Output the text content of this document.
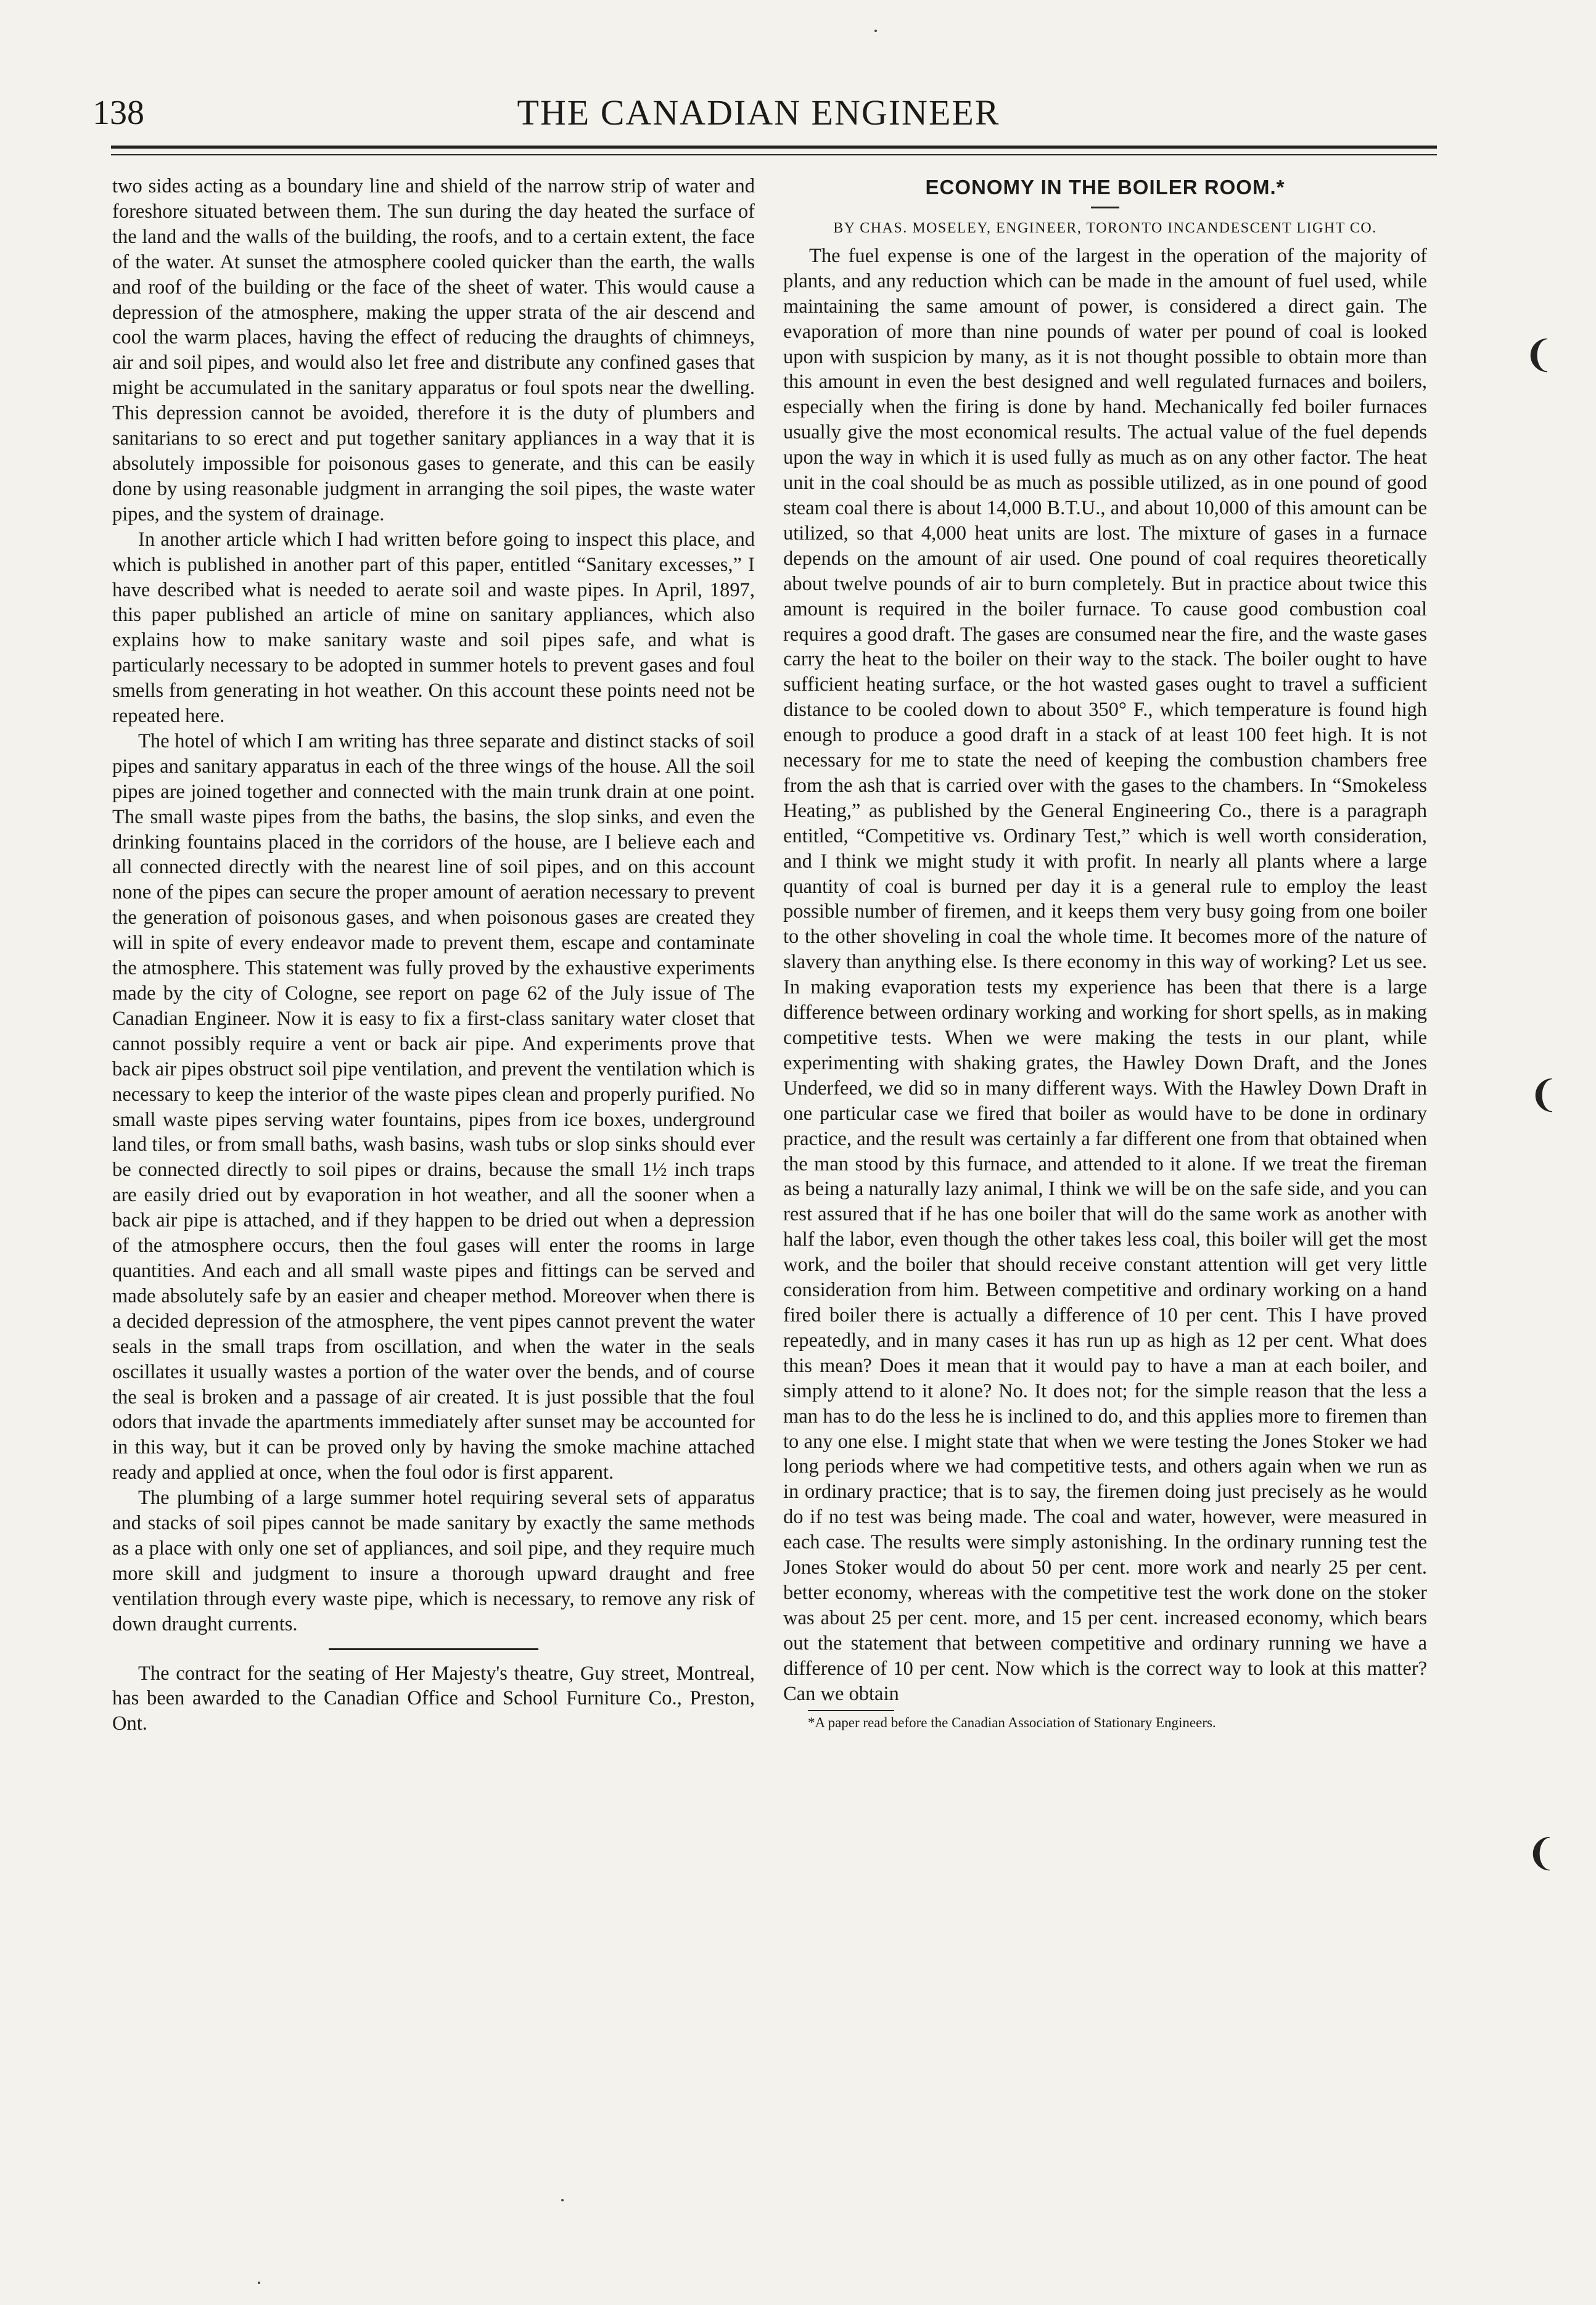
138	THE CANADIAN ENGINEER

two sides acting as a boundary line and shield of the narrow strip of water and foreshore situated between them. The sun during the day heated the surface of the land and the walls of the building, the roofs, and to a certain extent, the face of the water. At sunset the atmosphere cooled quicker than the earth, the walls and roof of the building or the face of the sheet of water. This would cause a depression of the atmosphere, making the upper strata of the air descend and cool the warm places, having the effect of reducing the draughts of chimneys, air and soil pipes, and would also let free and distribute any confined gases that might be accumulated in the sanitary apparatus or foul spots near the dwelling. This depression cannot be avoided, therefore it is the duty of plumbers and sanitarians to so erect and put together sanitary appliances in a way that it is absolutely impossible for poisonous gases to generate, and this can be easily done by using reasonable judgment in arranging the soil pipes, the waste water pipes, and the system of drainage.

In another article which I had written before going to inspect this place, and which is published in another part of this paper, entitled “Sanitary excesses,” I have described what is needed to aerate soil and waste pipes. In April, 1897, this paper published an article of mine on sanitary appliances, which also explains how to make sanitary waste and soil pipes safe, and what is particularly necessary to be adopted in summer hotels to prevent gases and foul smells from generating in hot weather. On this account these points need not be repeated here.

The hotel of which I am writing has three separate and distinct stacks of soil pipes and sanitary apparatus in each of the three wings of the house. All the soil pipes are joined together and connected with the main trunk drain at one point. The small waste pipes from the baths, the basins, the slop sinks, and even the drinking fountains placed in the corridors of the house, are I believe each and all connected directly with the nearest line of soil pipes, and on this account none of the pipes can secure the proper amount of aeration necessary to prevent the generation of poisonous gases, and when poisonous gases are created they will in spite of every endeavor made to prevent them, escape and contaminate the atmosphere. This statement was fully proved by the exhaustive experiments made by the city of Cologne, see report on page 62 of the July issue of The Canadian Engineer. Now it is easy to fix a first-class sanitary water closet that cannot possibly require a vent or back air pipe. And experiments prove that back air pipes obstruct soil pipe ventilation, and prevent the ventilation which is necessary to keep the interior of the waste pipes clean and properly purified. No small waste pipes serving water fountains, pipes from ice boxes, underground land tiles, or from small baths, wash basins, wash tubs or slop sinks should ever be connected directly to soil pipes or drains, because the small 1½ inch traps are easily dried out by evaporation in hot weather, and all the sooner when a back air pipe is attached, and if they happen to be dried out when a depression of the atmosphere occurs, then the foul gases will enter the rooms in large quantities. And each and all small waste pipes and fittings can be served and made absolutely safe by an easier and cheaper method. Moreover when there is a decided depression of the atmosphere, the vent pipes cannot prevent the water seals in the small traps from oscillation, and when the water in the seals oscillates it usually wastes a portion of the water over the bends, and of course the seal is broken and a passage of air created. It is just possible that the foul odors that invade the apartments immediately after sunset may be accounted for in this way, but it can be proved only by having the smoke machine attached ready and applied at once, when the foul odor is first apparent.

The plumbing of a large summer hotel requiring several sets of apparatus and stacks of soil pipes cannot be made sanitary by exactly the same methods as a place with only one set of appliances, and soil pipe, and they require much more skill and judgment to insure a thorough upward draught and free ventilation through every waste pipe, which is necessary, to remove any risk of down draught currents.

The contract for the seating of Her Majesty's theatre, Guy street, Montreal, has been awarded to the Canadian Office and School Furniture Co., Preston, Ont.

ECONOMY IN THE BOILER ROOM.*
BY CHAS. MOSELEY, ENGINEER, TORONTO INCANDESCENT LIGHT CO.

The fuel expense is one of the largest in the operation of the majority of plants, and any reduction which can be made in the amount of fuel used, while maintaining the same amount of power, is considered a direct gain. The evaporation of more than nine pounds of water per pound of coal is looked upon with suspicion by many, as it is not thought possible to obtain more than this amount in even the best designed and well regulated furnaces and boilers, especially when the firing is done by hand. Mechanically fed boiler furnaces usually give the most economical results. The actual value of the fuel depends upon the way in which it is used fully as much as on any other factor. The heat unit in the coal should be as much as possible utilized, as in one pound of good steam coal there is about 14,000 B.T.U., and about 10,000 of this amount can be utilized, so that 4,000 heat units are lost. The mixture of gases in a furnace depends on the amount of air used. One pound of coal requires theoretically about twelve pounds of air to burn completely. But in practice about twice this amount is required in the boiler furnace. To cause good combustion coal requires a good draft. The gases are consumed near the fire, and the waste gases carry the heat to the boiler on their way to the stack. The boiler ought to have sufficient heating surface, or the hot wasted gases ought to travel a sufficient distance to be cooled down to about 350° F., which temperature is found high enough to produce a good draft in a stack of at least 100 feet high. It is not necessary for me to state the need of keeping the combustion chambers free from the ash that is carried over with the gases to the chambers. In “Smokeless Heating,” as published by the General Engineering Co., there is a paragraph entitled, “Competitive vs. Ordinary Test,” which is well worth consideration, and I think we might study it with profit. In nearly all plants where a large quantity of coal is burned per day it is a general rule to employ the least possible number of firemen, and it keeps them very busy going from one boiler to the other shoveling in coal the whole time. It becomes more of the nature of slavery than anything else. Is there economy in this way of working? Let us see. In making evaporation tests my experience has been that there is a large difference between ordinary working and working for short spells, as in making competitive tests. When we were making the tests in our plant, while experimenting with shaking grates, the Hawley Down Draft, and the Jones Underfeed, we did so in many different ways. With the Hawley Down Draft in one particular case we fired that boiler as would have to be done in ordinary practice, and the result was certainly a far different one from that obtained when the man stood by this furnace, and attended to it alone. If we treat the fireman as being a naturally lazy animal, I think we will be on the safe side, and you can rest assured that if he has one boiler that will do the same work as another with half the labor, even though the other takes less coal, this boiler will get the most work, and the boiler that should receive constant attention will get very little consideration from him. Between competitive and ordinary working on a hand fired boiler there is actually a difference of 10 per cent. This I have proved repeatedly, and in many cases it has run up as high as 12 per cent. What does this mean? Does it mean that it would pay to have a man at each boiler, and simply attend to it alone? No. It does not; for the simple reason that the less a man has to do the less he is inclined to do, and this applies more to firemen than to any one else. I might state that when we were testing the Jones Stoker we had long periods where we had competitive tests, and others again when we run as in ordinary practice; that is to say, the firemen doing just precisely as he would do if no test was being made. The coal and water, however, were measured in each case. The results were simply astonishing. In the ordinary running test the Jones Stoker would do about 50 per cent. more work and nearly 25 per cent. better economy, whereas with the competitive test the work done on the stoker was about 25 per cent. more, and 15 per cent. increased economy, which bears out the statement that between competitive and ordinary running we have a difference of 10 per cent. Now which is the correct way to look at this matter? Can we obtain

*A paper read before the Canadian Association of Stationary Engineers.
❨
❨
❨
